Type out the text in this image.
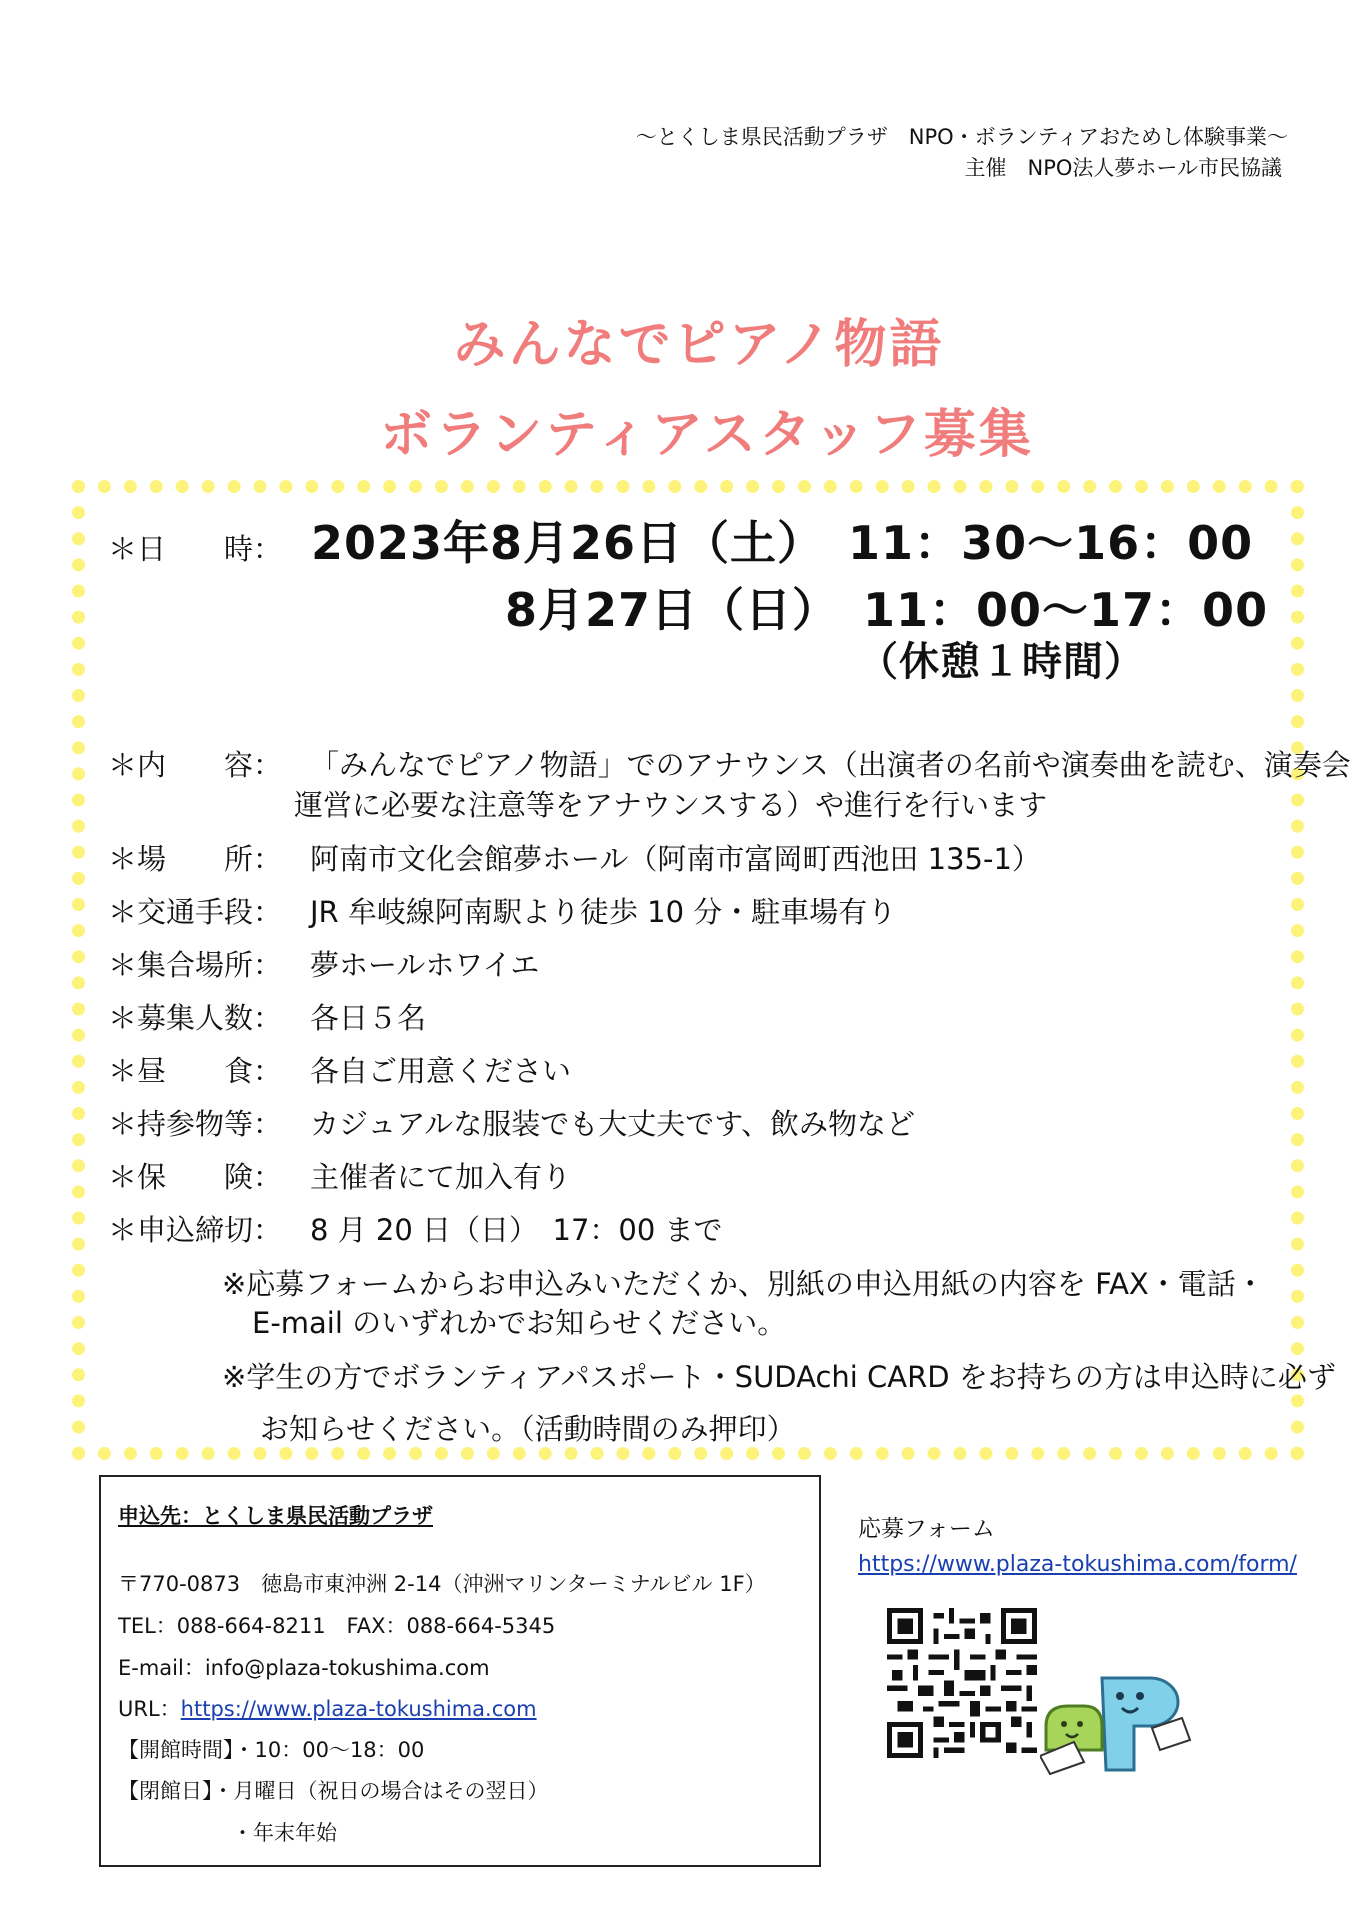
～とくしま県民活動プラザ　NPO・ボランティアおためし体験事業～
主催　NPO法人夢ホール市民協議
みんなでピアノ物語
ボランティアスタッフ募集
＊日　　時： 2023年8月26日（土）　11：30～16：00
8月27日（日）　11：00～17：00
（休憩１時間）
＊内　　容： 「みんなでピアノ物語」でのアナウンス（出演者の名前や演奏曲を読む、演奏会
運営に必要な注意等をアナウンスする）や進行を行います
＊場　　所： 阿南市文化会館夢ホール（阿南市富岡町西池田 135-1）
＊交通手段： JR 牟岐線阿南駅より徒歩 10 分・駐車場有り
＊集合場所： 夢ホールホワイエ
＊募集人数： 各日５名
＊昼　　食： 各自ご用意ください
＊持参物等： カジュアルな服装でも大丈夫です、飲み物など
＊保　　険： 主催者にて加入有り
＊申込締切： 8 月 20 日（日）　17：00 まで
※応募フォームからお申込みいただくか、別紙の申込用紙の内容を FAX・電話・
E-mail のいずれかでお知らせください。
※学生の方でボランティアパスポート・SUDAchi CARD をお持ちの方は申込時に必ず
お知らせください。（活動時間のみ押印）
申込先：とくしま県民活動プラザ
〒770-0873　徳島市東沖洲 2-14（沖洲マリンターミナルビル 1F）
TEL：088-664-8211　FAX：088-664-5345
E-mail：info@plaza-tokushima.com
URL：https://www.plaza-tokushima.com
【開館時間】・10：00～18：00
【閉館日】・月曜日（祝日の場合はその翌日）
・年末年始
応募フォーム
https://www.plaza-tokushima.com/form/
